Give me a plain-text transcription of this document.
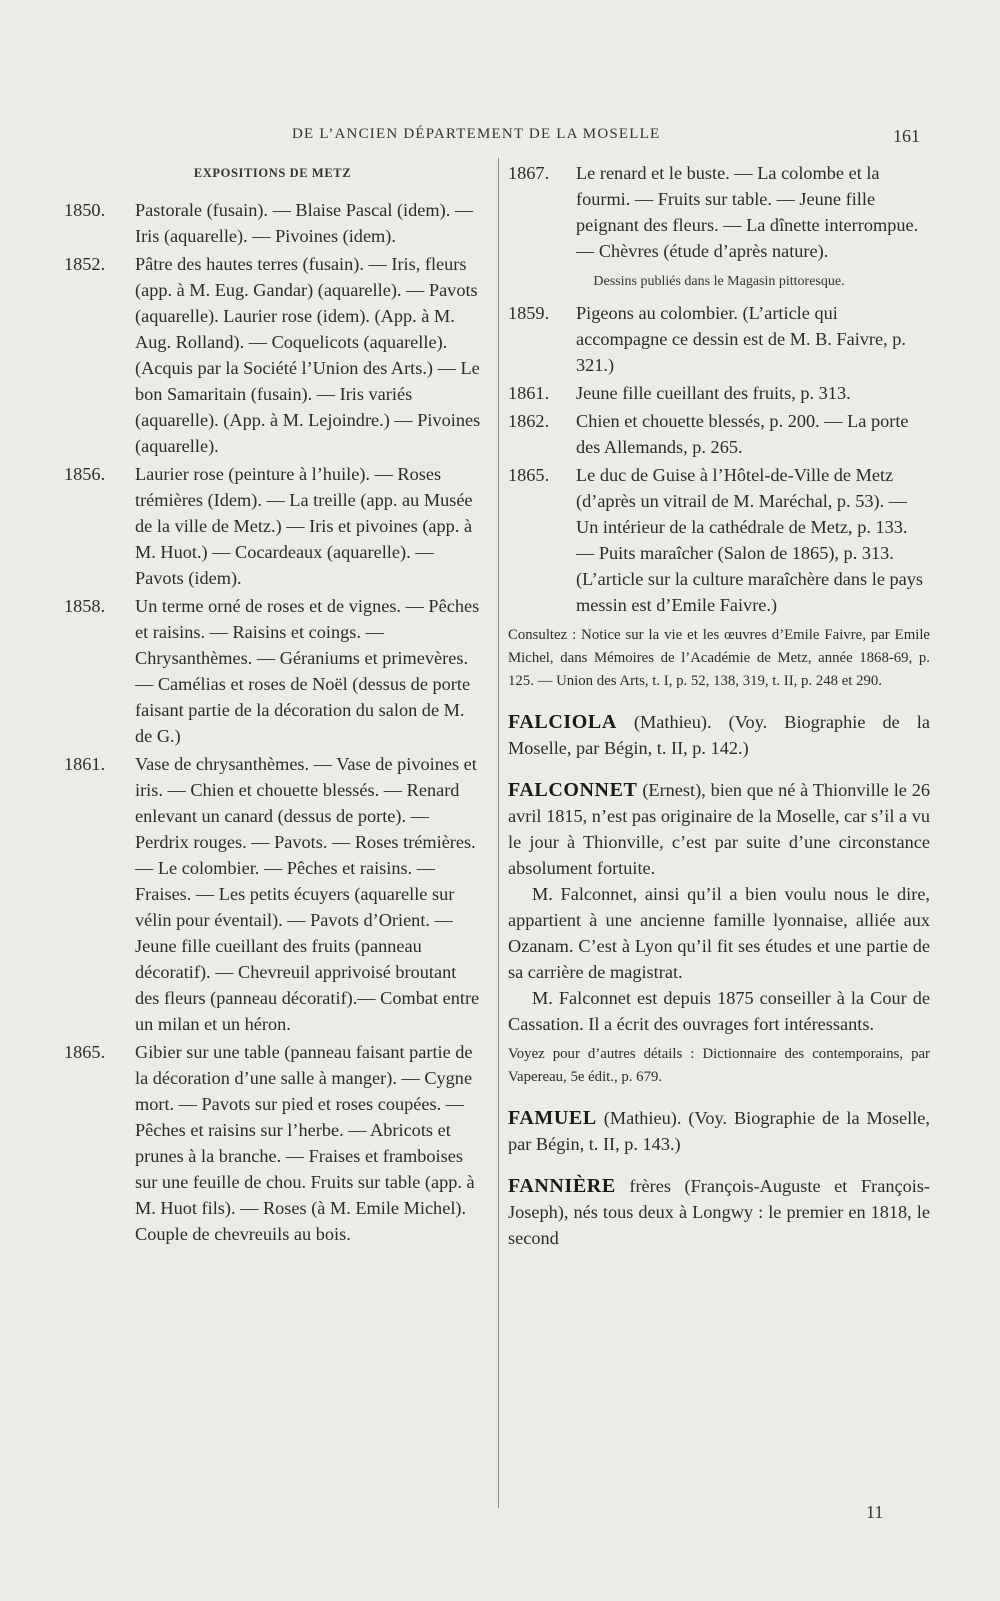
DE L’ANCIEN DÉPARTEMENT DE LA MOSELLE	161
EXPOSITIONS DE METZ
1850. Pastorale (fusain). — Blaise Pascal (idem). — Iris (aquarelle). — Pivoines (idem).
1852. Pâtre des hautes terres (fusain). — Iris, fleurs (app. à M. Eug. Gandar) (aquarelle). — Pavots (aquarelle). Laurier rose (idem). (App. à M. Aug. Rolland). — Coquelicots (aquarelle). (Acquis par la Société l’Union des Arts.) — Le bon Samaritain (fusain). — Iris variés (aquarelle). (App. à M. Lejoindre.) — Pivoines (aquarelle).
1856. Laurier rose (peinture à l’huile). — Roses trémières (Idem). — La treille (app. au Musée de la ville de Metz.) — Iris et pivoines (app. à M. Huot.) — Cocardeaux (aquarelle). — Pavots (idem).
1858. Un terme orné de roses et de vignes. — Pêches et raisins. — Raisins et coings. — Chrysanthèmes. — Géraniums et primevères. — Camélias et roses de Noël (dessus de porte faisant partie de la décoration du salon de M. de G.)
1861. Vase de chrysanthèmes. — Vase de pivoines et iris. — Chien et chouette blessés. — Renard enlevant un canard (dessus de porte). — Perdrix rouges. — Pavots. — Roses trémières. — Le colombier. — Pêches et raisins. — Fraises. — Les petits écuyers (aquarelle sur vélin pour éventail). — Pavots d’Orient. — Jeune fille cueillant des fruits (panneau décoratif). — Chevreuil apprivoisé broutant des fleurs (panneau décoratif).— Combat entre un milan et un héron.
1865. Gibier sur une table (panneau faisant partie de la décoration d’une salle à manger). — Cygne mort. — Pavots sur pied et roses coupées. — Pêches et raisins sur l’herbe. — Abricots et prunes à la branche. — Fraises et framboises sur une feuille de chou. Fruits sur table (app. à M. Huot fils). — Roses (à M. Emile Michel). Couple de chevreuils au bois.
1867. Le renard et le buste. — La colombe et la fourmi. — Fruits sur table. — Jeune fille peignant des fleurs. — La dînette interrompue. — Chèvres (étude d’après nature).
Dessins publiés dans le Magasin pittoresque.
1859. Pigeons au colombier. (L’article qui accompagne ce dessin est de M. B. Faivre, p. 321.)
1861. Jeune fille cueillant des fruits, p. 313.
1862. Chien et chouette blessés, p. 200. — La porte des Allemands, p. 265.
1865. Le duc de Guise à l’Hôtel-de-Ville de Metz (d’après un vitrail de M. Maréchal, p. 53). — Un intérieur de la cathédrale de Metz, p. 133. — Puits maraîcher (Salon de 1865), p. 313. (L’article sur la culture maraîchère dans le pays messin est d’Emile Faivre.)
Consultez : Notice sur la vie et les œuvres d’Emile Faivre, par Emile Michel, dans Mémoires de l’Académie de Metz, année 1868-69, p. 125. — Union des Arts, t. I, p. 52, 138, 319, t. II, p. 248 et 290.
FALCIOLA (Mathieu). (Voy. Biographie de la Moselle, par Bégin, t. II, p. 142.)
FALCONNET (Ernest), bien que né à Thionville le 26 avril 1815, n’est pas originaire de la Moselle, car s’il a vu le jour à Thionville, c’est par suite d’une circonstance absolument fortuite.
M. Falconnet, ainsi qu’il a bien voulu nous le dire, appartient à une ancienne famille lyonnaise, alliée aux Ozanam. C’est à Lyon qu’il fit ses études et une partie de sa carrière de magistrat.
M. Falconnet est depuis 1875 conseiller à la Cour de Cassation. Il a écrit des ouvrages fort intéressants.
Voyez pour d’autres détails : Dictionnaire des contemporains, par Vapereau, 5e édit., p. 679.
FAMUEL (Mathieu). (Voy. Biographie de la Moselle, par Bégin, t. II, p. 143.)
FANNIÈRE frères (François-Auguste et François-Joseph), nés tous deux à Longwy : le premier en 1818, le second
11
